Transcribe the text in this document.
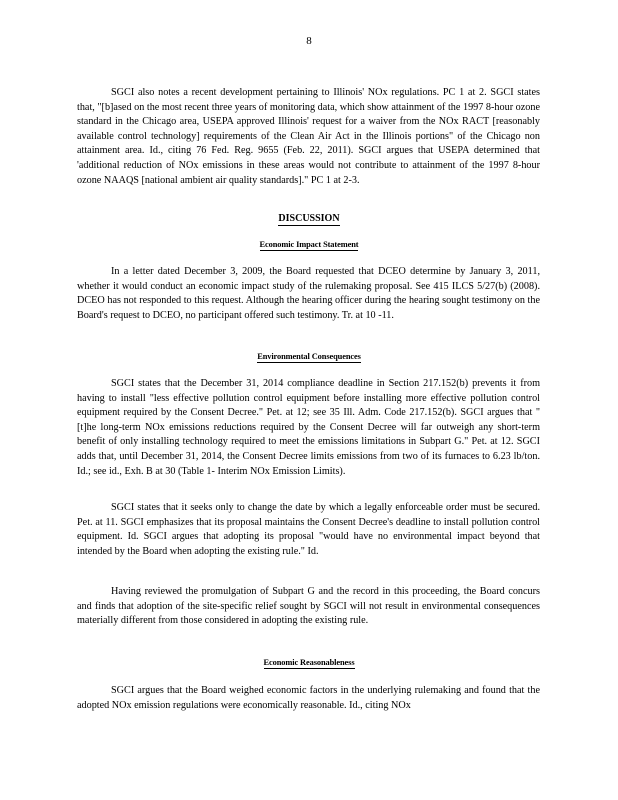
8

SGCI also notes a recent development pertaining to Illinois' NOx regulations. PC 1 at 2. SGCI states that, "[b]ased on the most recent three years of monitoring data, which show attainment of the 1997 8-hour ozone standard in the Chicago area, USEPA approved Illinois' request for a waiver from the NOx RACT [reasonably available control technology] requirements of the Clean Air Act in the Illinois portions" of the Chicago non attainment area. Id., citing 76 Fed. Reg. 9655 (Feb. 22, 2011). SGCI argues that USEPA determined that 'additional reduction of NOx emissions in these areas would not contribute to attainment of the 1997 8-hour ozone NAAQS [national ambient air quality standards]." PC 1 at 2-3.

DISCUSSION

Economic Impact Statement

In a letter dated December 3, 2009, the Board requested that DCEO determine by January 3, 2011, whether it would conduct an economic impact study of the rulemaking proposal. See 415 ILCS 5/27(b) (2008). DCEO has not responded to this request. Although the hearing officer during the hearing sought testimony on the Board's request to DCEO, no participant offered such testimony. Tr. at 10 -11.

Environmental Consequences

SGCI states that the December 31, 2014 compliance deadline in Section 217.152(b) prevents it from having to install "less effective pollution control equipment before installing more effective pollution control equipment required by the Consent Decree." Pet. at 12; see 35 Ill. Adm. Code 217.152(b). SGCI argues that "[t]he long-term NOx emissions reductions required by the Consent Decree will far outweigh any short-term benefit of only installing technology required to meet the emissions limitations in Subpart G." Pet. at 12. SGCI adds that, until December 31, 2014, the Consent Decree limits emissions from two of its furnaces to 6.23 lb/ton. Id.; see id., Exh. B at 30 (Table 1- Interim NOx Emission Limits).

SGCI states that it seeks only to change the date by which a legally enforceable order must be secured. Pet. at 11. SGCI emphasizes that its proposal maintains the Consent Decree's deadline to install pollution control equipment. Id. SGCI argues that adopting its proposal "would have no environmental impact beyond that intended by the Board when adopting the existing rule." Id.

Having reviewed the promulgation of Subpart G and the record in this proceeding, the Board concurs and finds that adoption of the site-specific relief sought by SGCI will not result in environmental consequences materially different from those considered in adopting the existing rule.

Economic Reasonableness

SGCI argues that the Board weighed economic factors in the underlying rulemaking and found that the adopted NOx emission regulations were economically reasonable. Id., citing NOx
